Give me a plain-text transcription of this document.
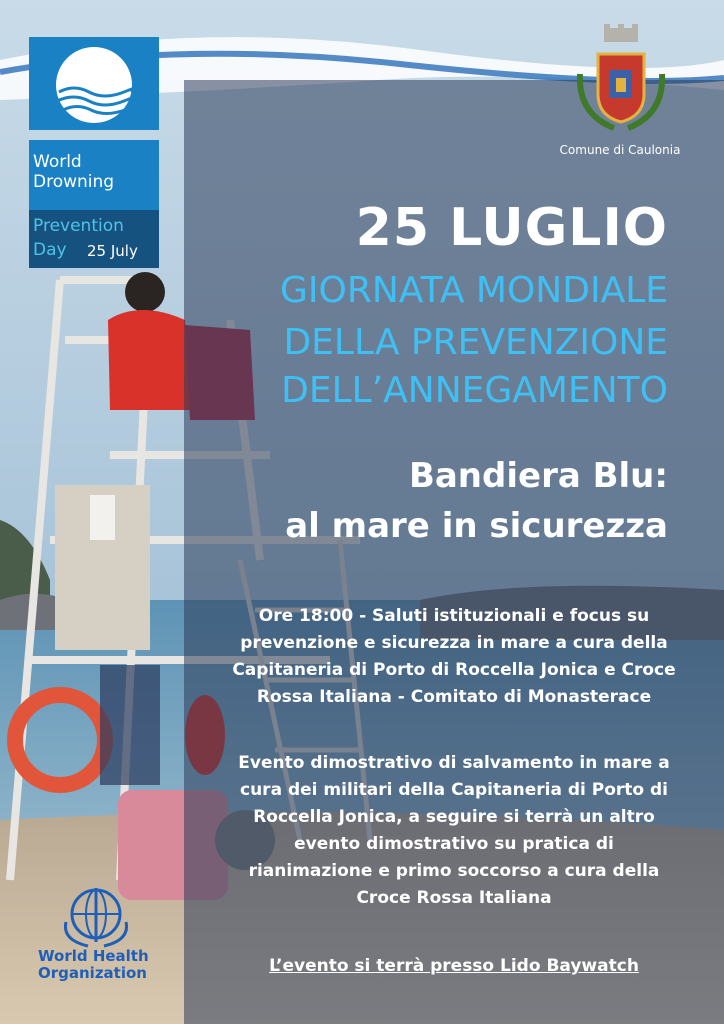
World
Drowning
Prevention
Day 25 July
Comune di Caulonia
25 LUGLIO
GIORNATA MONDIALE
DELLA PREVENZIONE
DELL’ANNEGAMENTO
Bandiera Blu:
al mare in sicurezza
Ore 18:00 - Saluti istituzionali e focus su
prevenzione e sicurezza in mare a cura della
Capitaneria di Porto di Roccella Jonica e Croce
Rossa Italiana - Comitato di Monasterace
Evento dimostrativo di salvamento in mare a
cura dei militari della Capitaneria di Porto di
Roccella Jonica, a seguire si terrà un altro
evento dimostrativo su pratica di
rianimazione e primo soccorso a cura della
Croce Rossa Italiana
L’evento si terrà presso Lido Baywatch
World Health
Organization
